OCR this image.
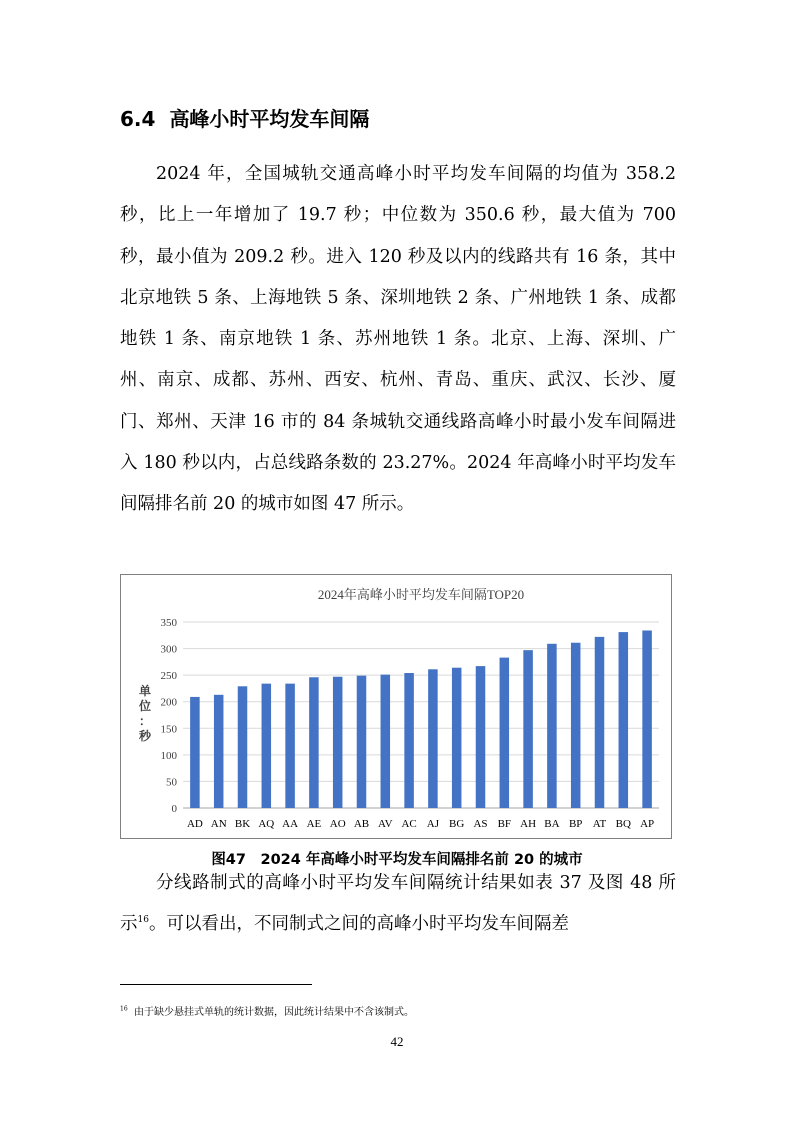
6.4 高峰小时平均发车间隔

2024 年，全国城轨交通高峰小时平均发车间隔的均值为 358.2 秒，比上一年增加了 19.7 秒；中位数为 350.6 秒，最大值为 700 秒，最小值为 209.2 秒。进入 120 秒及以内的线路共有 16 条，其中北京地铁 5 条、上海地铁 5 条、深圳地铁 2 条、广州地铁 1 条、成都地铁 1 条、南京地铁 1 条、苏州地铁 1 条。北京、上海、深圳、广州、南京、成都、苏州、西安、杭州、青岛、重庆、武汉、长沙、厦门、郑州、天津 16 市的 84 条城轨交通线路高峰小时最小发车间隔进入 180 秒以内，占总线路条数的 23.27%。2024 年高峰小时平均发车间隔排名前 20 的城市如图 47 所示。

2024年高峰小时平均发车间隔TOP20
0
50
100
150
200
250
300
350
单
位
：
秒
AD AN BK AQ AA AE AO AB AV AC AJ BG AS BF AH BA BP AT BQ AP

图47　2024 年高峰小时平均发车间隔排名前 20 的城市

分线路制式的高峰小时平均发车间隔统计结果如表 37 及图 48 所示$^{16}$。可以看出，不同制式之间的高峰小时平均发车间隔差

$^{16}$ 由于缺少悬挂式单轨的统计数据，因此统计结果中不含该制式。

42
